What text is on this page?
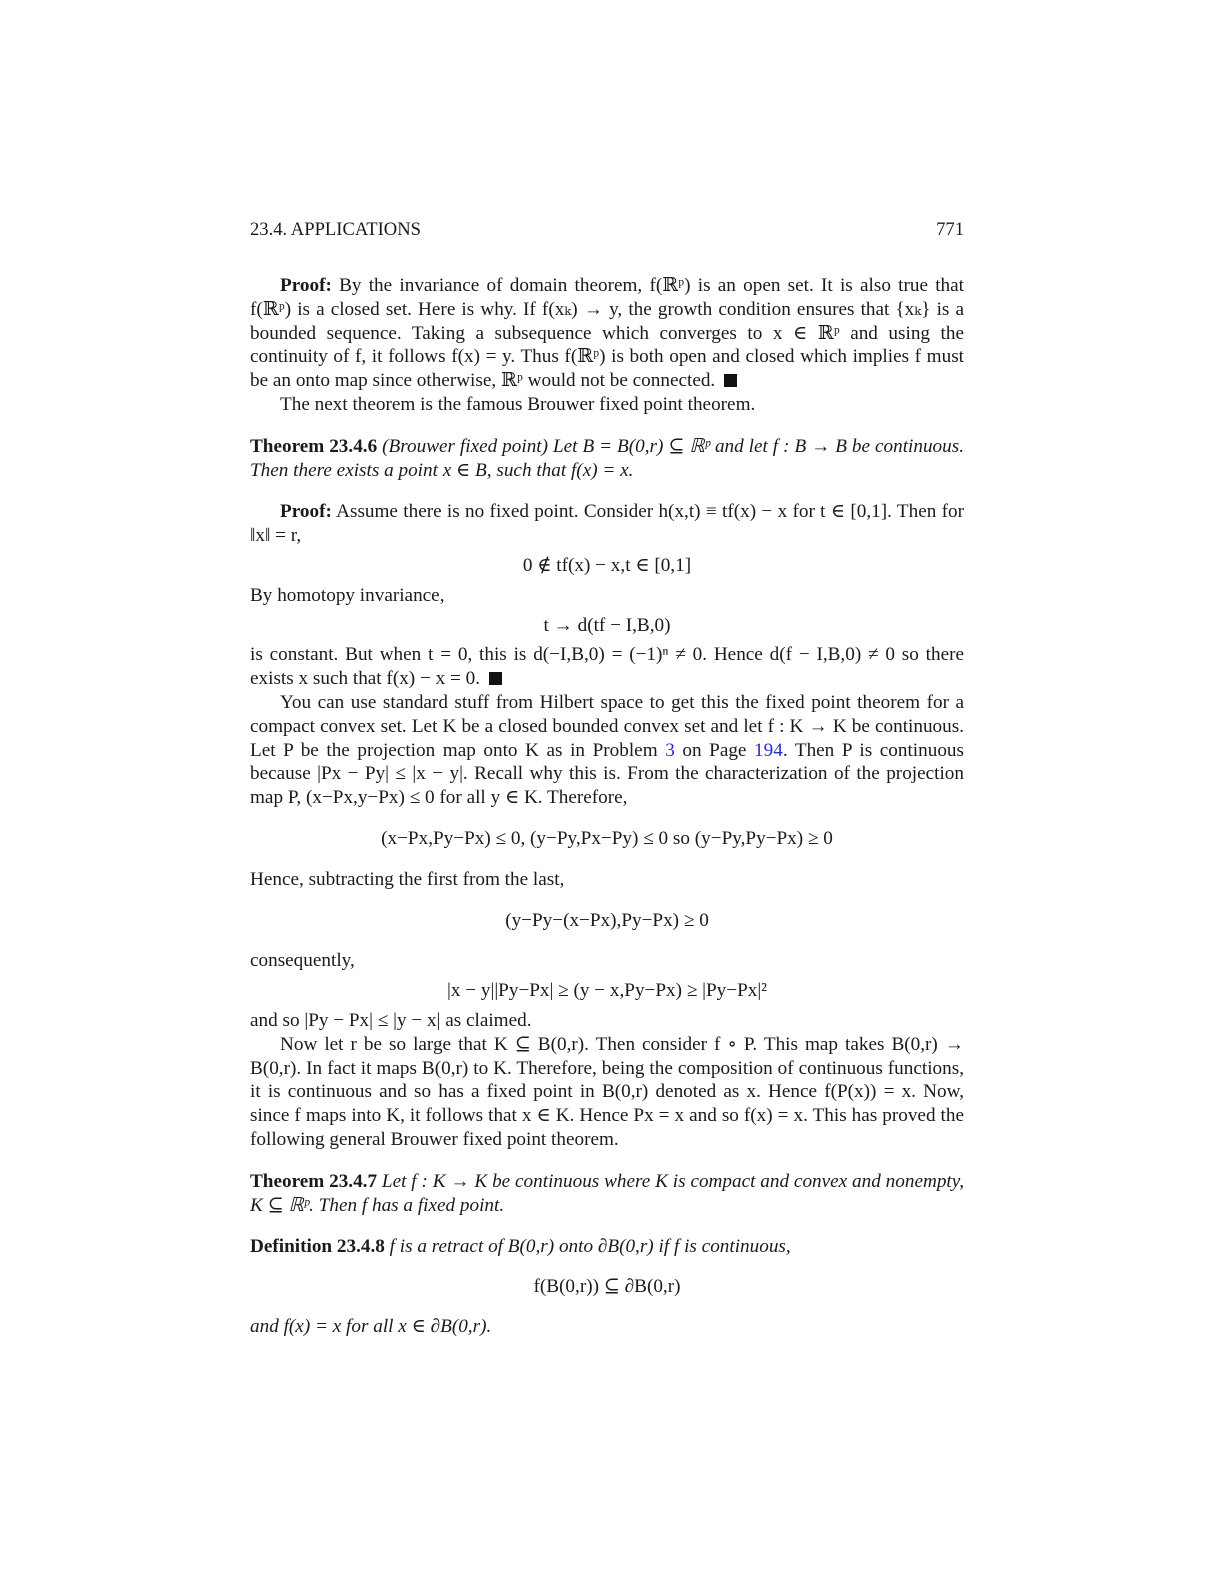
23.4. APPLICATIONS	771

Proof: By the invariance of domain theorem, f(ℝᵖ) is an open set. It is also true that f(ℝᵖ) is a closed set. Here is why. If f(xₖ) → y, the growth condition ensures that {xₖ} is a bounded sequence. Taking a subsequence which converges to x ∈ ℝᵖ and using the continuity of f, it follows f(x) = y. Thus f(ℝᵖ) is both open and closed which implies f must be an onto map since otherwise, ℝᵖ would not be connected.

The next theorem is the famous Brouwer fixed point theorem.

Theorem 23.4.6 (Brouwer fixed point) Let B = B(0,r) ⊆ ℝᵖ and let f : B → B be continuous. Then there exists a point x ∈ B, such that f(x) = x.

Proof: Assume there is no fixed point. Consider h(x,t) ≡ tf(x) − x for t ∈ [0,1]. Then for ‖x‖ = r,

0 ∉ tf(x) − x,t ∈ [0,1]

By homotopy invariance,

t → d(tf − I,B,0)

is constant. But when t = 0, this is d(−I,B,0) = (−1)ⁿ ≠ 0. Hence d(f − I,B,0) ≠ 0 so there exists x such that f(x) − x = 0.

You can use standard stuff from Hilbert space to get this the fixed point theorem for a compact convex set. Let K be a closed bounded convex set and let f : K → K be continuous. Let P be the projection map onto K as in Problem 3 on Page 194. Then P is continuous because |Px − Py| ≤ |x − y|. Recall why this is. From the characterization of the projection map P, (x−Px,y−Px) ≤ 0 for all y ∈ K. Therefore,

(x−Px,Py−Px) ≤ 0, (y−Py,Px−Py) ≤ 0 so (y−Py,Py−Px) ≥ 0

Hence, subtracting the first from the last,

(y−Py−(x−Px),Py−Px) ≥ 0

consequently,

|x − y||Py−Px| ≥ (y − x,Py−Px) ≥ |Py−Px|²

and so |Py − Px| ≤ |y − x| as claimed.

Now let r be so large that K ⊆ B(0,r). Then consider f ∘ P. This map takes B(0,r) → B(0,r). In fact it maps B(0,r) to K. Therefore, being the composition of continuous functions, it is continuous and so has a fixed point in B(0,r) denoted as x. Hence f(P(x)) = x. Now, since f maps into K, it follows that x ∈ K. Hence Px = x and so f(x) = x. This has proved the following general Brouwer fixed point theorem.

Theorem 23.4.7 Let f : K → K be continuous where K is compact and convex and nonempty, K ⊆ ℝᵖ. Then f has a fixed point.

Definition 23.4.8 f is a retract of B(0,r) onto ∂B(0,r) if f is continuous,

f(B(0,r)) ⊆ ∂B(0,r)

and f(x) = x for all x ∈ ∂B(0,r).
